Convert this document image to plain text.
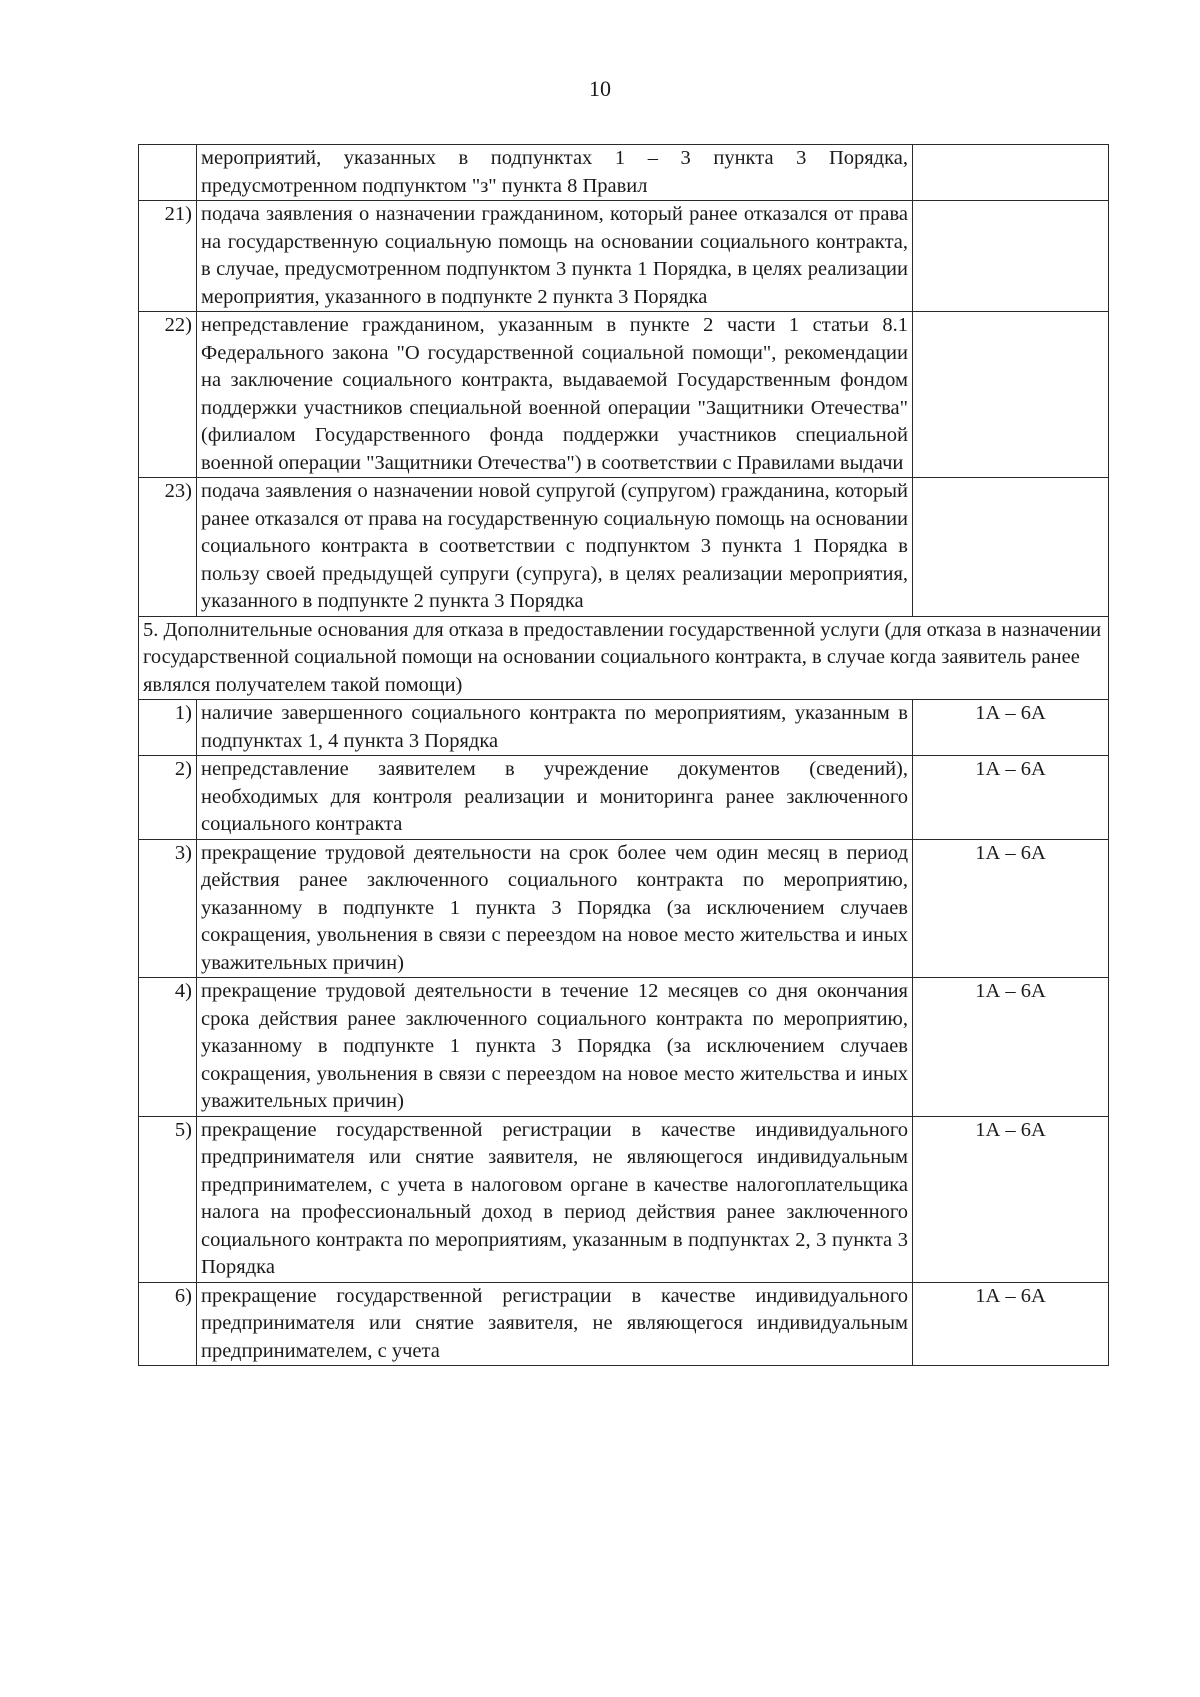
10
	мероприятий, указанных в подпунктах 1 – 3 пункта 3 Порядка, предусмотренном подпунктом "з" пункта 8 Правил	
21)	подача заявления о назначении гражданином, который ранее отказался от права на государственную социальную помощь на основании социального контракта, в случае, предусмотренном подпунктом 3 пункта 1 Порядка, в целях реализации мероприятия, указанного в подпункте 2 пункта 3 Порядка	
22)	непредставление гражданином, указанным в пункте 2 части 1 статьи 8.1 Федерального закона "О государственной социальной помощи", рекомендации на заключение социального контракта, выдаваемой Государственным фондом поддержки участников специальной военной операции "Защитники Отечества" (филиалом Государственного фонда поддержки участников специальной военной операции "Защитники Отечества") в соответствии с Правилами выдачи	
23)	подача заявления о назначении новой супругой (супругом) гражданина, который ранее отказался от права на государственную социальную помощь на основании социального контракта в соответствии с подпунктом 3 пункта 1 Порядка в пользу своей предыдущей супруги (супруга), в целях реализации мероприятия, указанного в подпункте 2 пункта 3 Порядка	
5. Дополнительные основания для отказа в предоставлении государственной услуги (для отказа в назначении государственной социальной помощи на основании социального контракта, в случае когда заявитель ранее являлся получателем такой помощи)		
1)	наличие завершенного социального контракта по мероприятиям, указанным в подпунктах 1, 4 пункта 3 Порядка	1А – 6А
2)	непредставление заявителем в учреждение документов (сведений), необходимых для контроля реализации и мониторинга ранее заключенного социального контракта	1А – 6А
3)	прекращение трудовой деятельности на срок более чем один месяц в период действия ранее заключенного социального контракта по мероприятию, указанному в подпункте 1 пункта 3 Порядка (за исключением случаев сокращения, увольнения в связи с переездом на новое место жительства и иных уважительных причин)	1А – 6А
4)	прекращение трудовой деятельности в течение 12 месяцев со дня окончания срока действия ранее заключенного социального контракта по мероприятию, указанному в подпункте 1 пункта 3 Порядка (за исключением случаев сокращения, увольнения в связи с переездом на новое место жительства и иных уважительных причин)	1А – 6А
5)	прекращение государственной регистрации в качестве индивидуального предпринимателя или снятие заявителя, не являющегося индивидуальным предпринимателем, с учета в налоговом органе в качестве налогоплательщика налога на профессиональный доход в период действия ранее заключенного социального контракта по мероприятиям, указанным в подпунктах 2, 3 пункта 3 Порядка	1А – 6А
6)	прекращение государственной регистрации в качестве индивидуального предпринимателя или снятие заявителя, не являющегося индивидуальным предпринимателем, с учета	1А – 6А
